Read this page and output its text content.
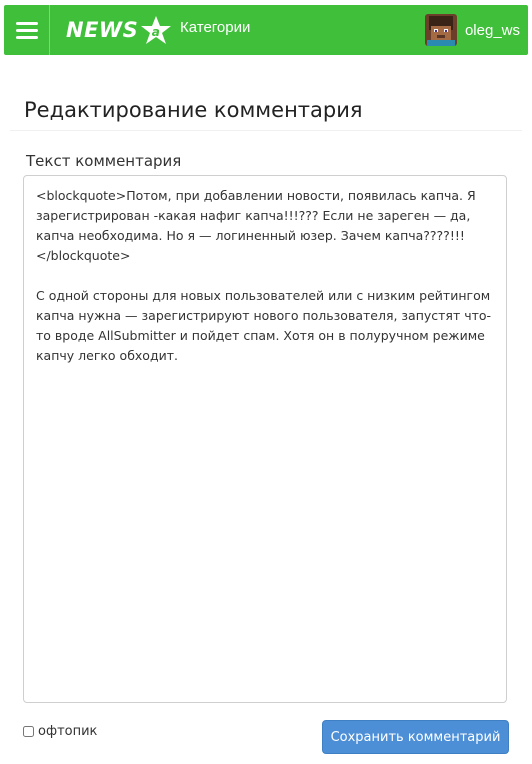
NEWS a Категории	oleg_ws
Редактирование комментария
Текст комментария
<blockquote>Потом, при добавлении новости, появилась капча. Я зарегистрирован -какая нафиг капча!!!??? Если не зареген — да, капча необходима. Но я — логиненный юзер. Зачем капча????!!!</blockquote> С одной стороны для новых пользователей или с низким рейтингом капча нужна — зарегистрируют нового пользователя, запустят что-то вроде AllSubmitter и пойдет спам. Хотя он в полуручном режиме капчу легко обходит.
офтопик	Сохранить комментарий
